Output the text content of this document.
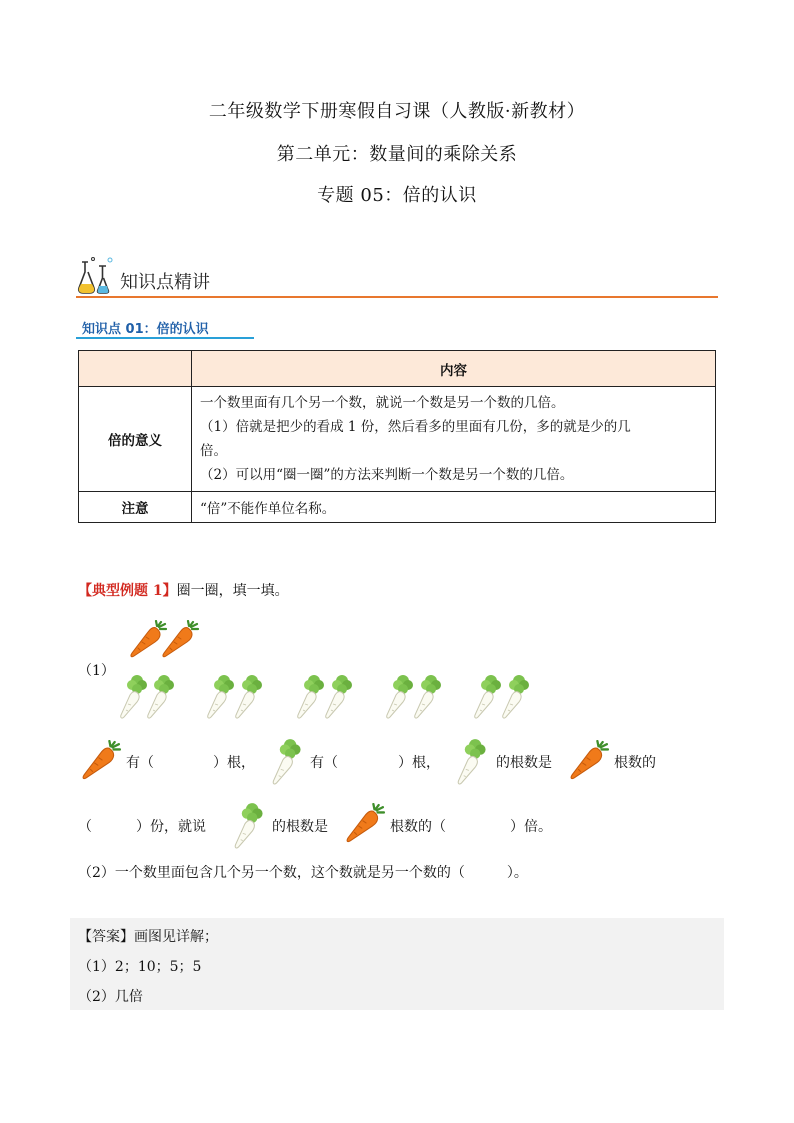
二年级数学下册寒假自习课（人教版·新教材）
第二单元：数量间的乘除关系
专题 05：倍的认识
知识点精讲
知识点 01：倍的认识
	内容
倍的意义	一个数里面有几个另一个数，就说一个数是另一个数的几倍。
（1）倍就是把少的看成 1 份，然后看多的里面有几份，多的就是少的几
倍。
（2）可以用“圈一圈”的方法来判断一个数是另一个数的几倍。

注意	“倍”不能作单位名称。
【典型例题 1】圈一圈，填一填。
（1）
有（	）根，	有（	）根，	的根数是	根数的
（	）份，就说	的根数是	根数的（	）倍。
（2）一个数里面包含几个另一个数，这个数就是另一个数的（　　　）。
【答案】画图见详解；
（1）2；10；5；5
（2）几倍
